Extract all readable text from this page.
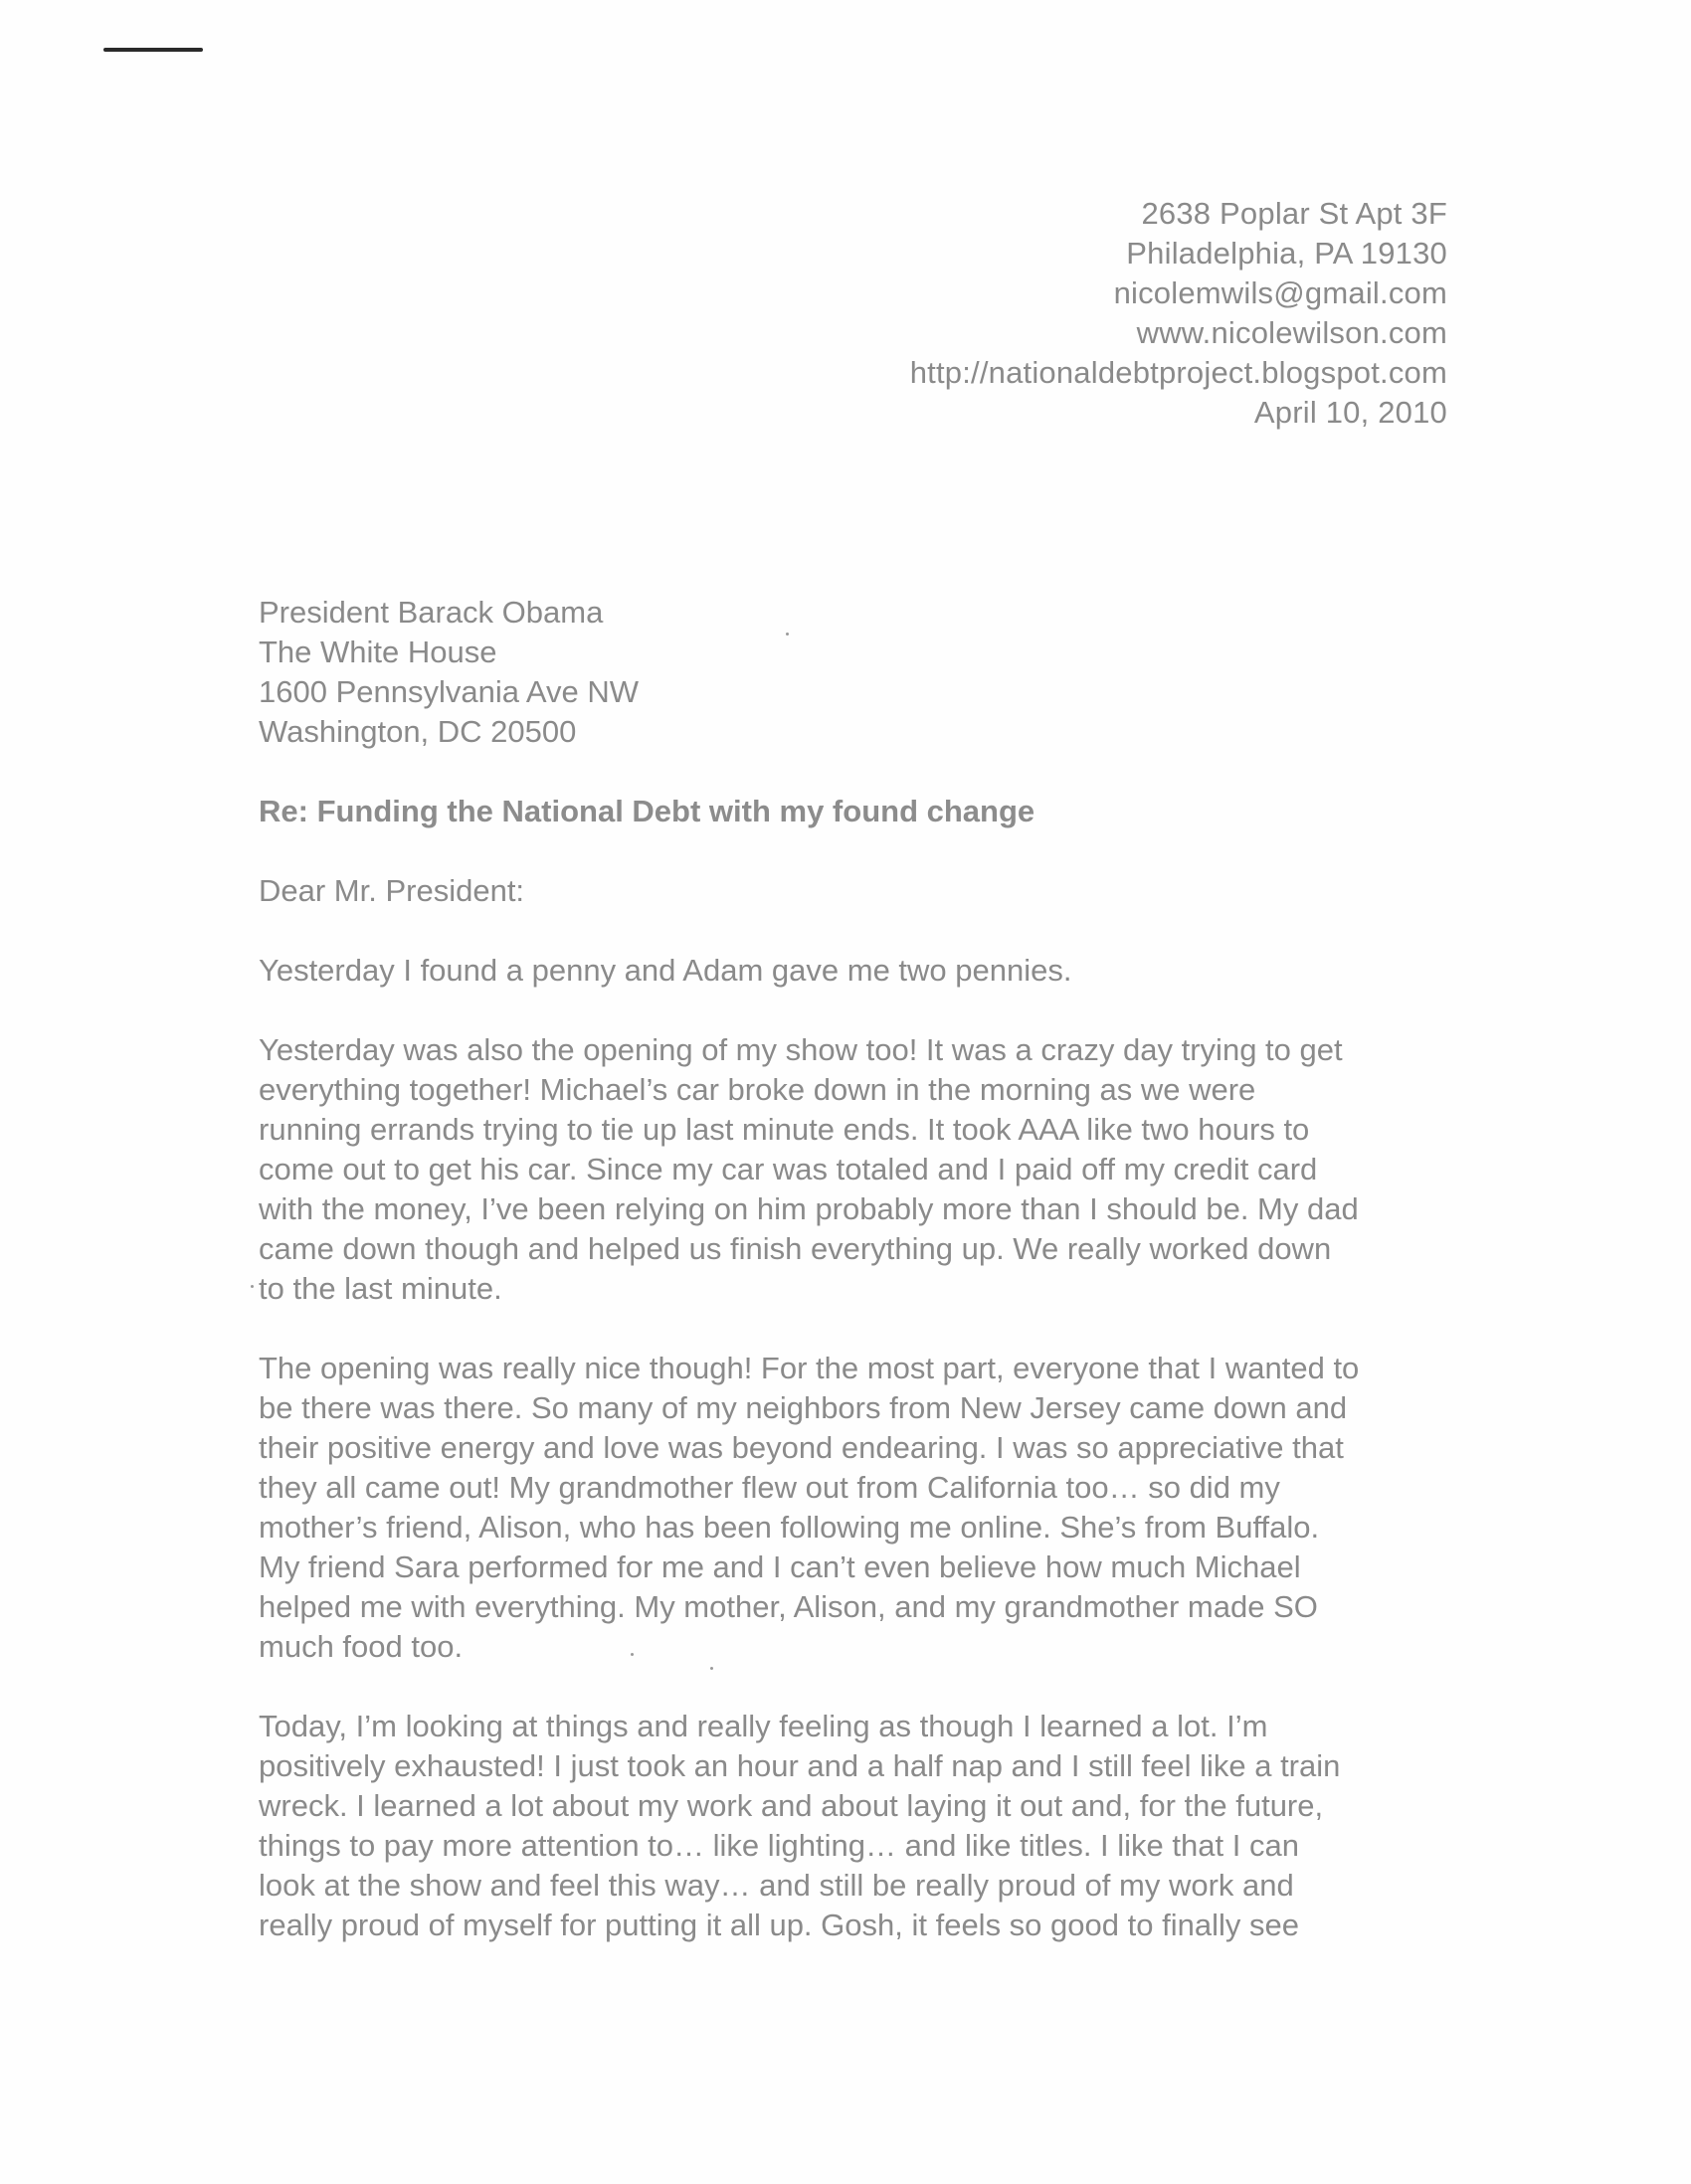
2638 Poplar St Apt 3F
Philadelphia, PA 19130
nicolemwils@gmail.com
www.nicolewilson.com
http://nationaldebtproject.blogspot.com
April 10, 2010
President Barack Obama
The White House
1600 Pennsylvania Ave NW
Washington, DC 20500
Re: Funding the National Debt with my found change
Dear Mr. President:
Yesterday I found a penny and Adam gave me two pennies.
Yesterday was also the opening of my show too! It was a crazy day trying to get
everything together! Michael’s car broke down in the morning as we were
running errands trying to tie up last minute ends. It took AAA like two hours to
come out to get his car. Since my car was totaled and I paid off my credit card
with the money, I’ve been relying on him probably more than I should be. My dad
came down though and helped us finish everything up. We really worked down
to the last minute.
The opening was really nice though! For the most part, everyone that I wanted to
be there was there. So many of my neighbors from New Jersey came down and
their positive energy and love was beyond endearing. I was so appreciative that
they all came out! My grandmother flew out from California too… so did my
mother’s friend, Alison, who has been following me online. She’s from Buffalo.
My friend Sara performed for me and I can’t even believe how much Michael
helped me with everything. My mother, Alison, and my grandmother made SO
much food too.
Today, I’m looking at things and really feeling as though I learned a lot. I’m
positively exhausted! I just took an hour and a half nap and I still feel like a train
wreck. I learned a lot about my work and about laying it out and, for the future,
things to pay more attention to… like lighting… and like titles. I like that I can
look at the show and feel this way… and still be really proud of my work and
really proud of myself for putting it all up. Gosh, it feels so good to finally see
